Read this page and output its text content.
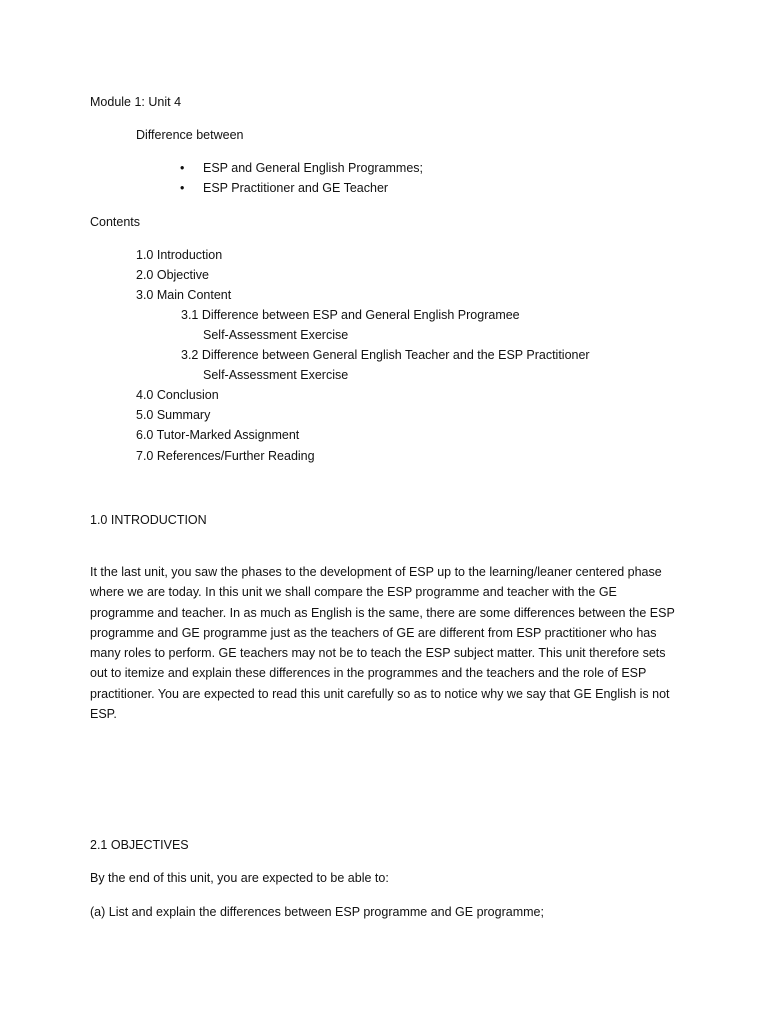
Module 1: Unit 4

Difference between

• ESP and General English Programmes;
• ESP Practitioner and GE Teacher

Contents

1.0 Introduction

2.0 Objective

3.0 Main Content

3.1 Difference between ESP and General English Programee

Self-Assessment Exercise

3.2 Difference between General English Teacher and the ESP Practitioner

Self-Assessment Exercise

4.0 Conclusion

5.0 Summary

6.0 Tutor-Marked Assignment

7.0 References/Further Reading

1.0 INTRODUCTION

It the last unit, you saw the phases to the development of ESP up to the learning/leaner centered phase
where we are today. In this unit we shall compare the ESP programme and teacher with the GE
programme and teacher. In as much as English is the same, there are some differences between the ESP
programme and GE programme just as the teachers of GE are different from ESP practitioner who has
many roles to perform. GE teachers may not be to teach the ESP subject matter. This unit therefore sets
out to itemize and explain these differences in the programmes and the teachers and the role of ESP
practitioner. You are expected to read this unit carefully so as to notice why we say that GE English is not
ESP.

2.1 OBJECTIVES

By the end of this unit, you are expected to be able to:

(a) List and explain the differences between ESP programme and GE programme;
